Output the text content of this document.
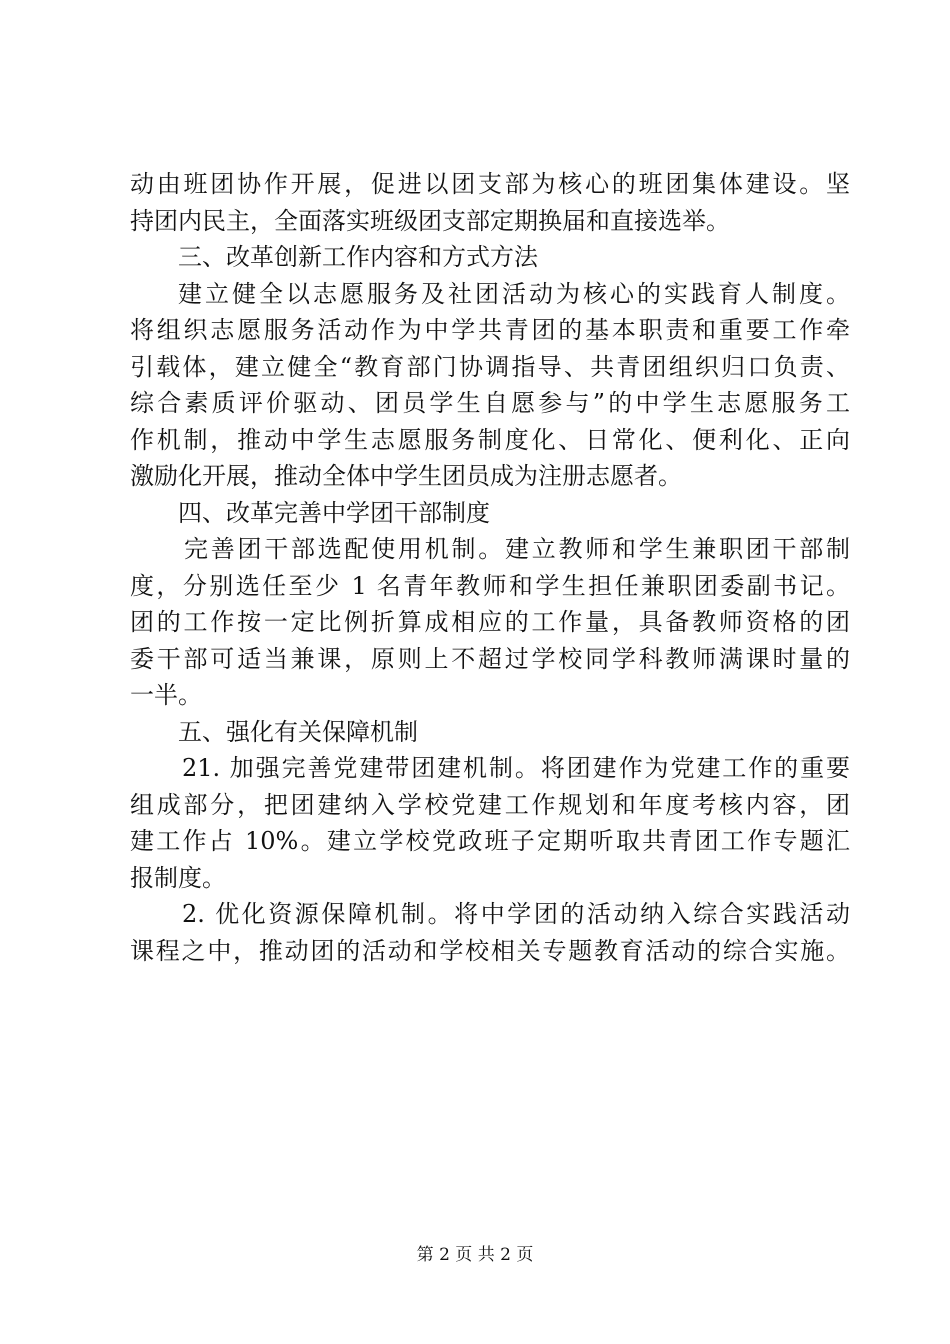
动由班团协作开展，促进以团支部为核心的班团集体建设。坚
持团内民主，全面落实班级团支部定期换届和直接选举。
三、改革创新工作内容和方式方法
建立健全以志愿服务及社团活动为核心的实践育人制度。
将组织志愿服务活动作为中学共青团的基本职责和重要工作牵
引载体，建立健全“教育部门协调指导、共青团组织归口负责、
综合素质评价驱动、团员学生自愿参与”的中学生志愿服务工
作机制，推动中学生志愿服务制度化、日常化、便利化、正向
激励化开展，推动全体中学生团员成为注册志愿者。
四、改革完善中学团干部制度
完善团干部选配使用机制。建立教师和学生兼职团干部制
度，分别选任至少 1 名青年教师和学生担任兼职团委副书记。
团的工作按一定比例折算成相应的工作量，具备教师资格的团
委干部可适当兼课，原则上不超过学校同学科教师满课时量的
一半。
五、强化有关保障机制
21. 加强完善党建带团建机制。将团建作为党建工作的重要
组成部分，把团建纳入学校党建工作规划和年度考核内容，团
建工作占 10%。建立学校党政班子定期听取共青团工作专题汇
报制度。
2. 优化资源保障机制。将中学团的活动纳入综合实践活动
课程之中，推动团的活动和学校相关专题教育活动的综合实施。
第 2 页 共 2 页
